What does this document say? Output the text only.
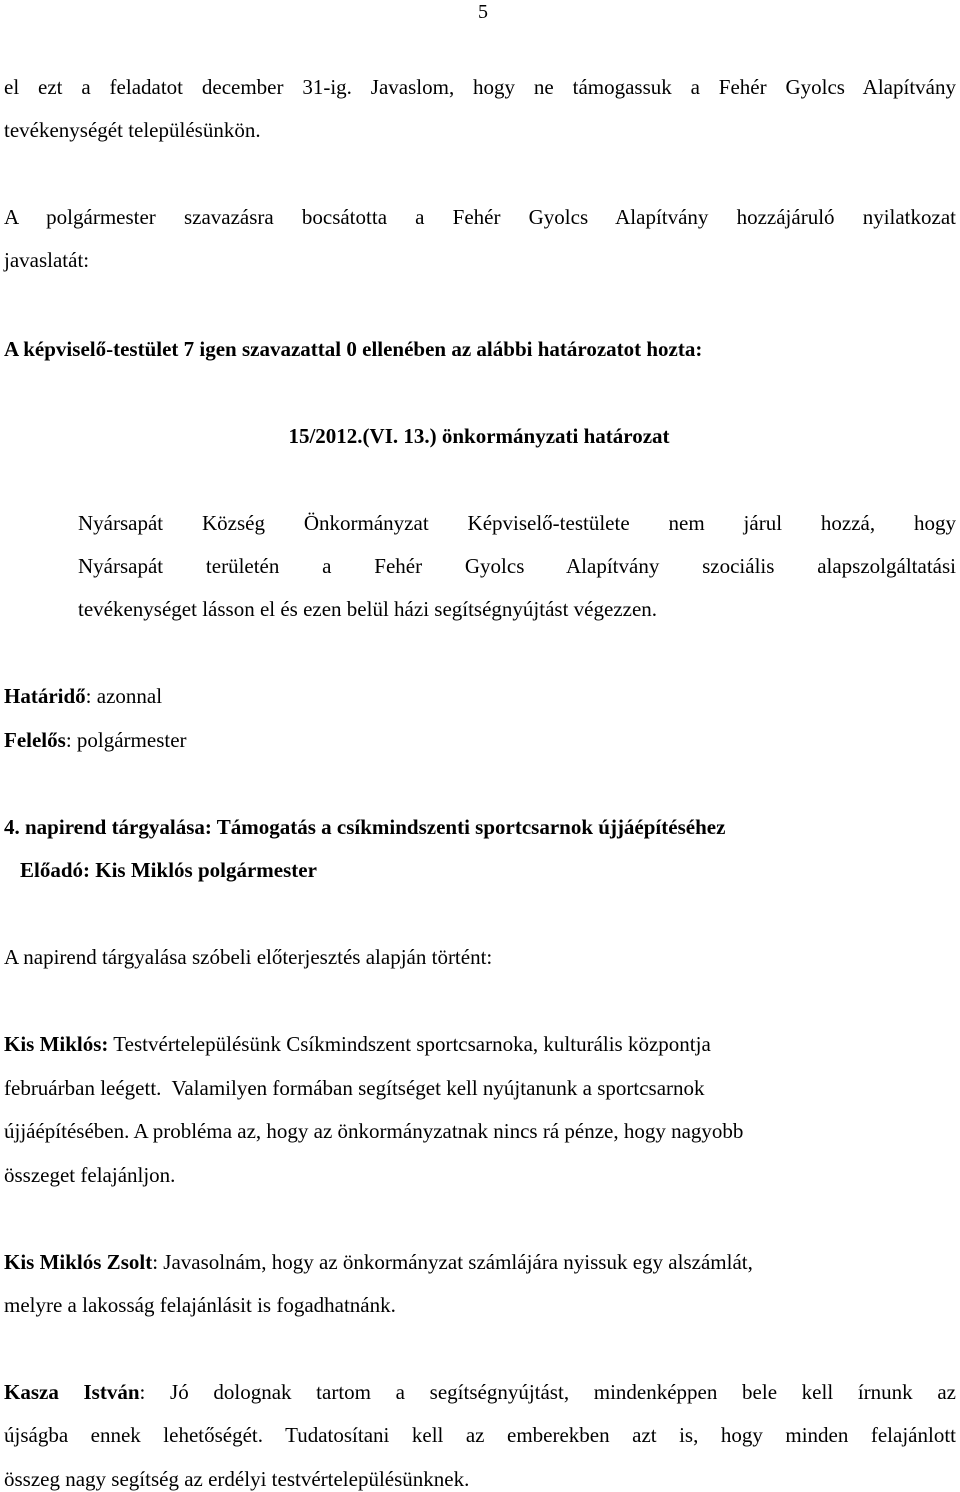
5
el ezt a feladatot december 31-ig. Javaslom, hogy ne támogassuk a Fehér Gyolcs Alapítvány
tevékenységét településünkön.
A polgármester szavazásra bocsátotta a Fehér Gyolcs Alapítvány hozzájáruló nyilatkozat
javaslatát:
A képviselő-testület 7 igen szavazattal 0 ellenében az alábbi határozatot hozta:
15/2012.(VI. 13.) önkormányzati határozat
Nyársapát Község Önkormányzat Képviselő-testülete nem járul hozzá, hogy
Nyársapát területén a Fehér Gyolcs Alapítvány szociális alapszolgáltatási
tevékenységet lásson el és ezen belül házi segítségnyújtást végezzen.
Határidő: azonnal
Felelős: polgármester
4. napirend tárgyalása: Támogatás a csíkmindszenti sportcsarnok újjáépítéséhez
Előadó: Kis Miklós polgármester
A napirend tárgyalása szóbeli előterjesztés alapján történt:
Kis Miklós: Testvértelepülésünk Csíkmindszent sportcsarnoka, kulturális központja
februárban leégett.  Valamilyen formában segítséget kell nyújtanunk a sportcsarnok
újjáépítésében. A probléma az, hogy az önkormányzatnak nincs rá pénze, hogy nagyobb
összeget felajánljon.
Kis Miklós Zsolt: Javasolnám, hogy az önkormányzat számlájára nyissuk egy alszámlát,
melyre a lakosság felajánlásit is fogadhatnánk.
Kasza István: Jó dolognak tartom a segítségnyújtást, mindenképpen bele kell írnunk az
újságba ennek lehetőségét. Tudatosítani kell az emberekben azt is, hogy minden felajánlott
összeg nagy segítség az erdélyi testvértelepülésünknek.
